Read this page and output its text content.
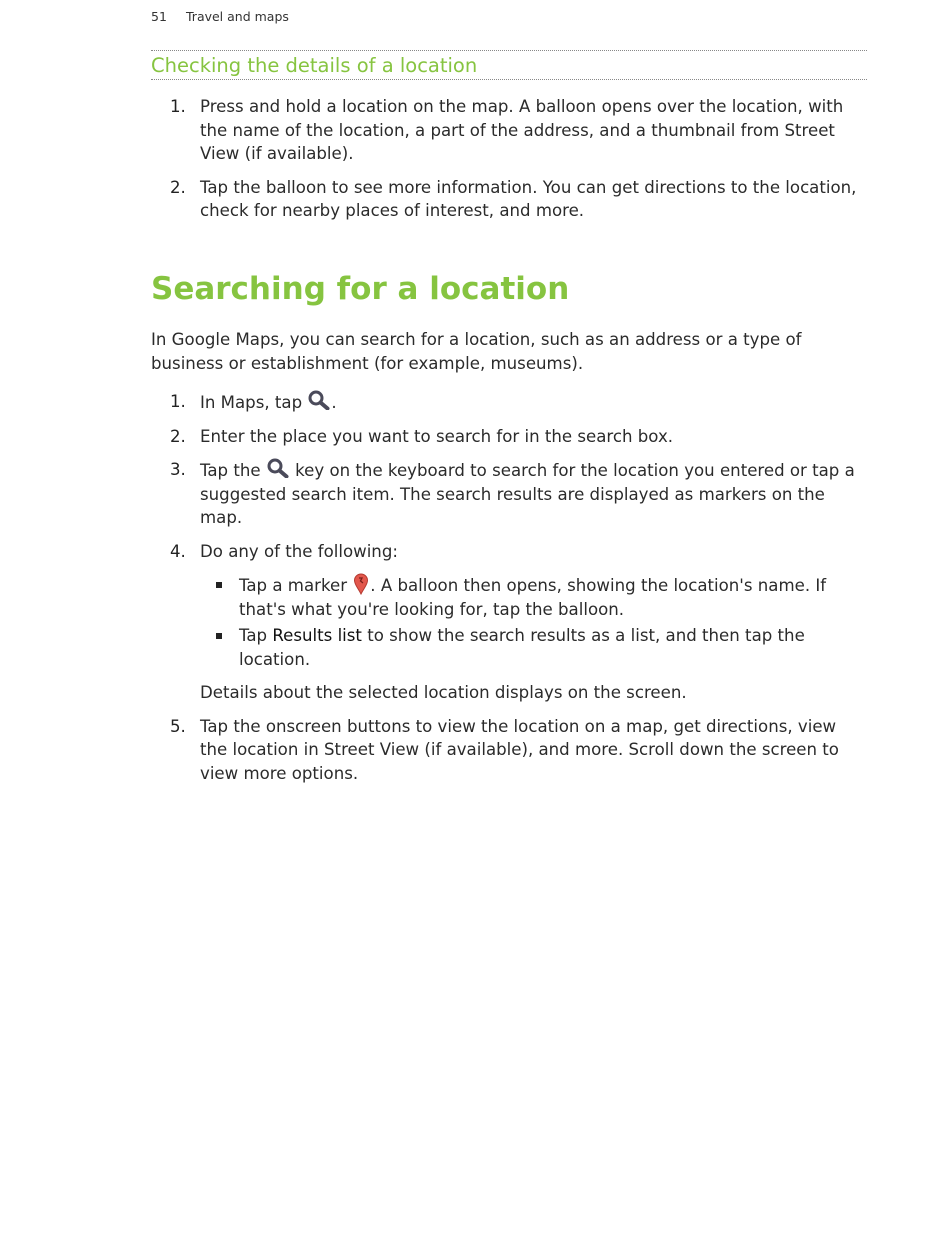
51 Travel and maps
Checking the details of a location
1. Press and hold a location on the map. A balloon opens over the location, with the name of the location, a part of the address, and a thumbnail from Street View (if available).
2. Tap the balloon to see more information. You can get directions to the location, check for nearby places of interest, and more.
Searching for a location

In Google Maps, you can search for a location, such as an address or a type of business or establishment (for example, museums).

1. In Maps, tap
.
2. Enter the place you want to search for in the search box.
3. Tap the
key on the keyboard to search for the location you entered or tap a suggested search item. The search results are displayed as markers on the map.
4. Do any of the following:
Tap a marker
. A balloon then opens, showing the location's name. If that's what you're looking for, tap the balloon.
Tap Results list to show the search results as a list, and then tap the location.
Details about the selected location displays on the screen.
5. Tap the onscreen buttons to view the location on a map, get directions, view the location in Street View (if available), and more. Scroll down the screen to view more options.
